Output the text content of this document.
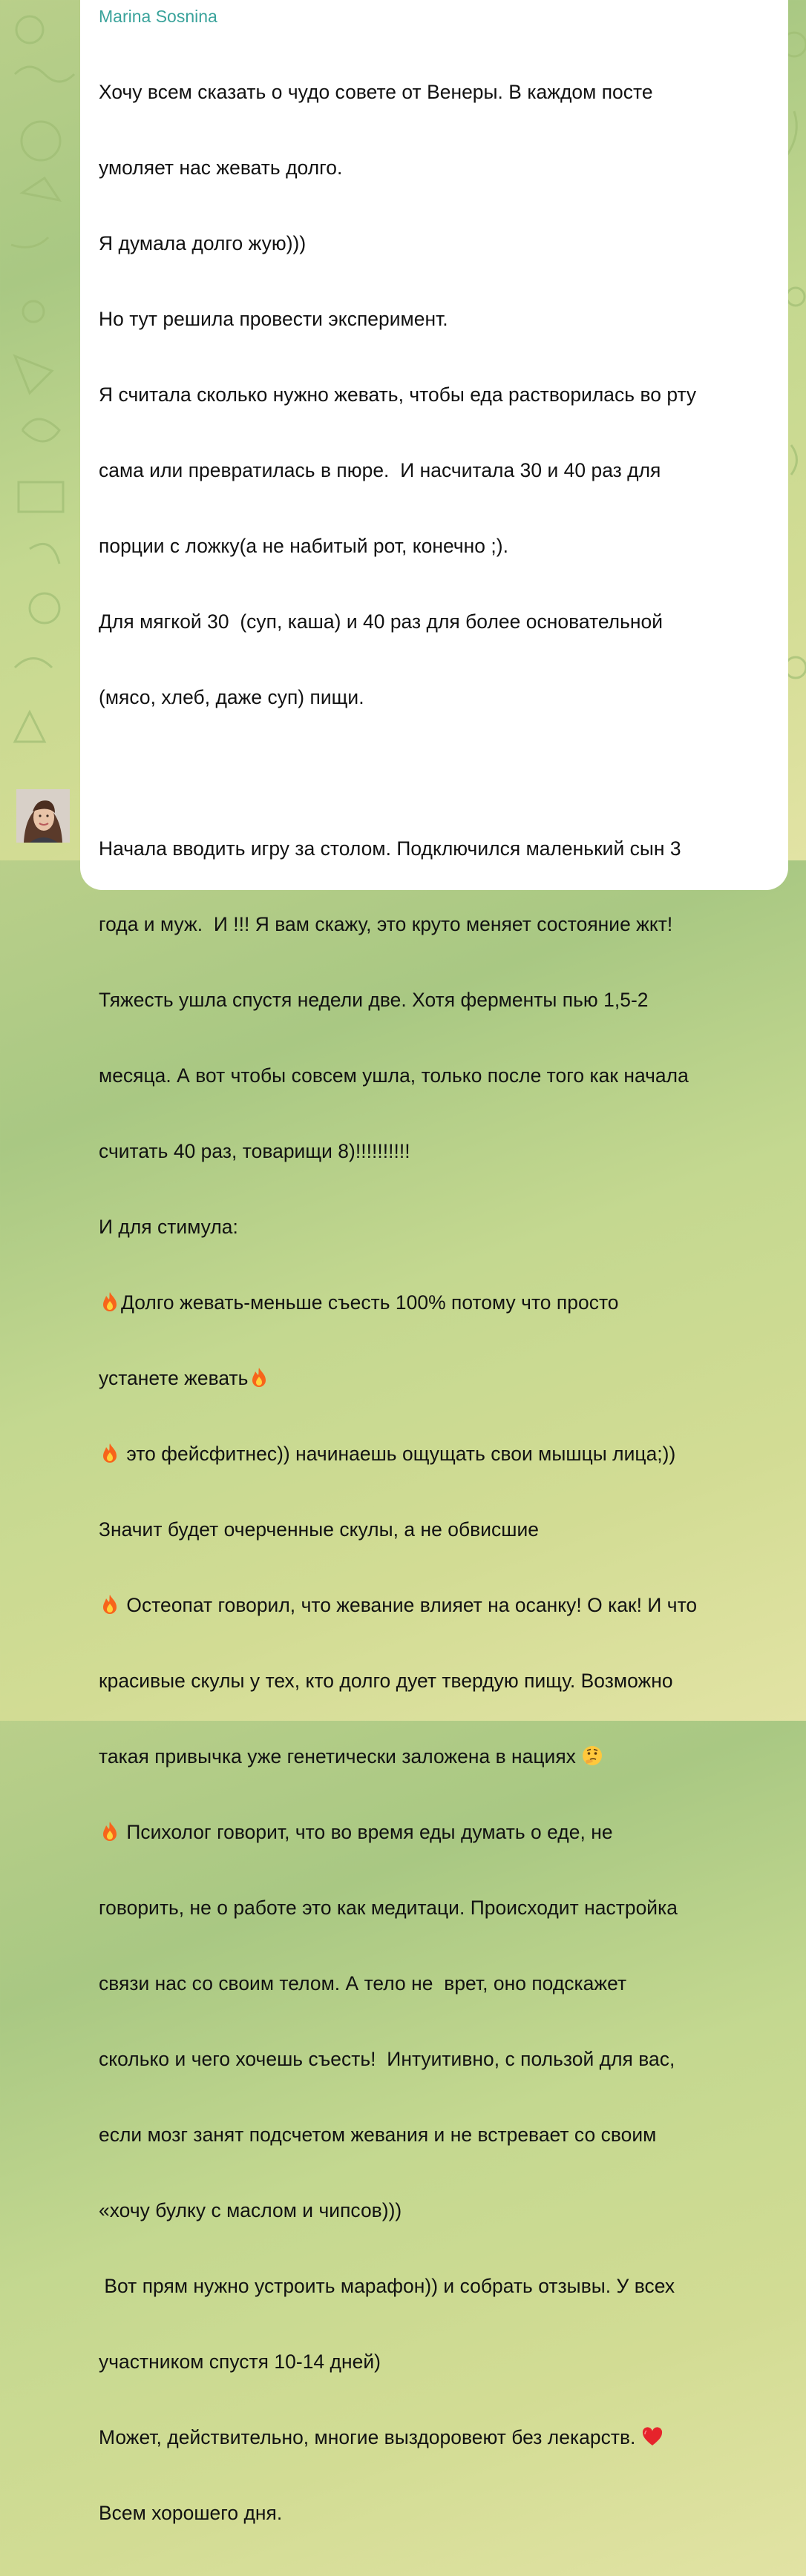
Marina Sosnina

Хочу всем сказать о чудо совете от Венеры. В каждом посте

умоляет нас жевать долго.

Я думала долго жую)))

Но тут решила провести эксперимент.

Я считала сколько нужно жевать, чтобы еда растворилась во рту

сама или превратилась в пюре.  И насчитала 30 и 40 раз для

порции с ложку(а не набитый рот, конечно ;).

Для мягкой 30  (суп, каша) и 40 раз для более основательной

(мясо, хлеб, даже суп) пищи.

Начала вводить игру за столом. Подключился маленький сын 3

года и муж.  И !!! Я вам скажу, это круто меняет состояние жкт!

Тяжесть ушла спустя недели две. Хотя ферменты пью 1,5-2

месяца. А вот чтобы совсем ушла, только после того как начала

считать 40 раз, товарищи 8)!!!!!!!!!!

И для стимула:

Долго жевать-меньше съесть 100% потому что просто

устанете жевать

это фейсфитнес)) начинаешь ощущать свои мышцы лица;))

Значит будет очерченные скулы, а не обвисшие

Остеопат говорил, что жевание влияет на осанку! О как! И что

красивые скулы у тех, кто долго дует твердую пищу. Возможно

такая привычка уже генетически заложена в нациях

Психолог говорит, что во время еды думать о еде, не

говорить, не о работе это как медитаци. Происходит настройка

связи нас со своим телом. А тело не  врет, оно подскажет

сколько и чего хочешь съесть!  Интуитивно, с пользой для вас,

если мозг занят подсчетом жевания и не встревает со своим

«хочу булку с маслом и чипсов)))

Вот прям нужно устроить марафон)) и собрать отзывы. У всех

участником спустя 10-14 дней)

Может, действительно, многие выздоровеют без лекарств.

Всем хорошего дня.
